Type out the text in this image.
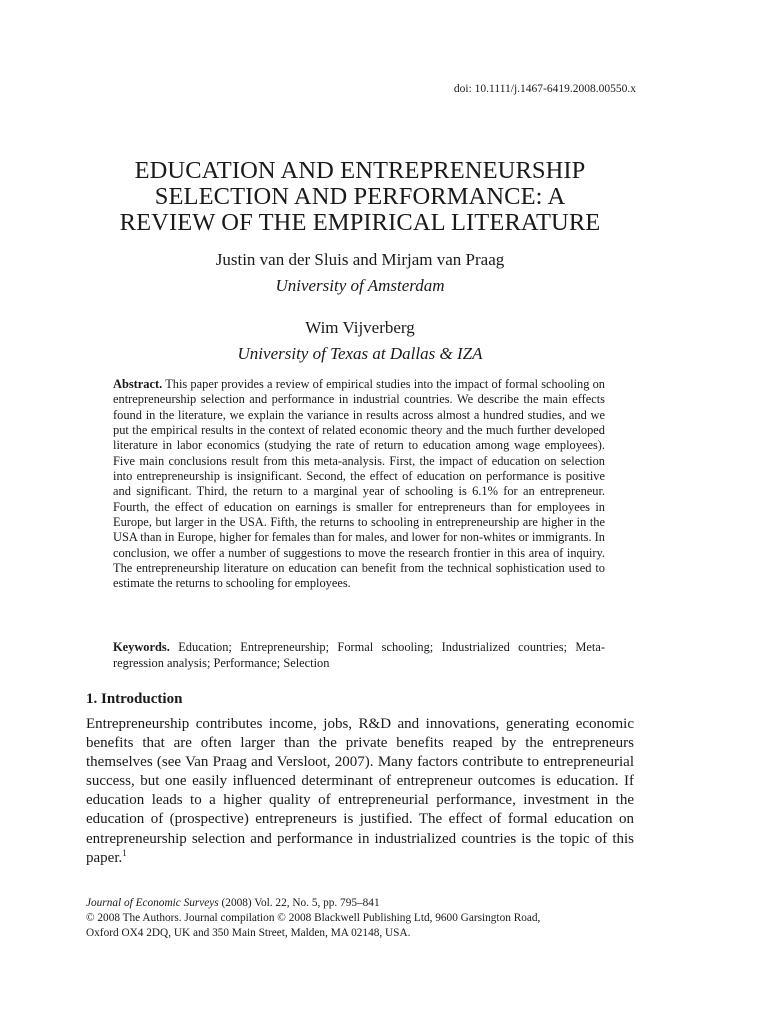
doi: 10.1111/j.1467-6419.2008.00550.x
EDUCATION AND ENTREPRENEURSHIP
SELECTION AND PERFORMANCE: A
REVIEW OF THE EMPIRICAL LITERATURE
Justin van der Sluis and Mirjam van Praag
University of Amsterdam
Wim Vijverberg
University of Texas at Dallas & IZA
Abstract. This paper provides a review of empirical studies into the impact of formal schooling on entrepreneurship selection and performance in industrial countries. We describe the main effects found in the literature, we explain the variance in results across almost a hundred studies, and we put the empirical results in the context of related economic theory and the much further developed literature in labor economics (studying the rate of return to education among wage employees). Five main conclusions result from this meta-analysis. First, the impact of education on selection into entrepreneurship is insignificant. Second, the effect of education on performance is positive and significant. Third, the return to a marginal year of schooling is 6.1% for an entrepreneur. Fourth, the effect of education on earnings is smaller for entrepreneurs than for employees in Europe, but larger in the USA. Fifth, the returns to schooling in entrepreneurship are higher in the USA than in Europe, higher for females than for males, and lower for non-whites or immigrants. In conclusion, we offer a number of suggestions to move the research frontier in this area of inquiry. The entrepreneurship literature on education can benefit from the technical sophistication used to estimate the returns to schooling for employees.
Keywords. Education; Entrepreneurship; Formal schooling; Industrialized countries; Meta-regression analysis; Performance; Selection
1. Introduction
Entrepreneurship contributes income, jobs, R&D and innovations, generating economic benefits that are often larger than the private benefits reaped by the entrepreneurs themselves (see Van Praag and Versloot, 2007). Many factors contribute to entrepreneurial success, but one easily influenced determinant of entrepreneur outcomes is education. If education leads to a higher quality of entrepreneurial performance, investment in the education of (prospective) entrepreneurs is justified. The effect of formal education on entrepreneurship selection and performance in industrialized countries is the topic of this paper.$^1$
Journal of Economic Surveys (2008) Vol. 22, No. 5, pp. 795–841
© 2008 The Authors. Journal compilation © 2008 Blackwell Publishing Ltd, 9600 Garsington Road,
Oxford OX4 2DQ, UK and 350 Main Street, Malden, MA 02148, USA.
